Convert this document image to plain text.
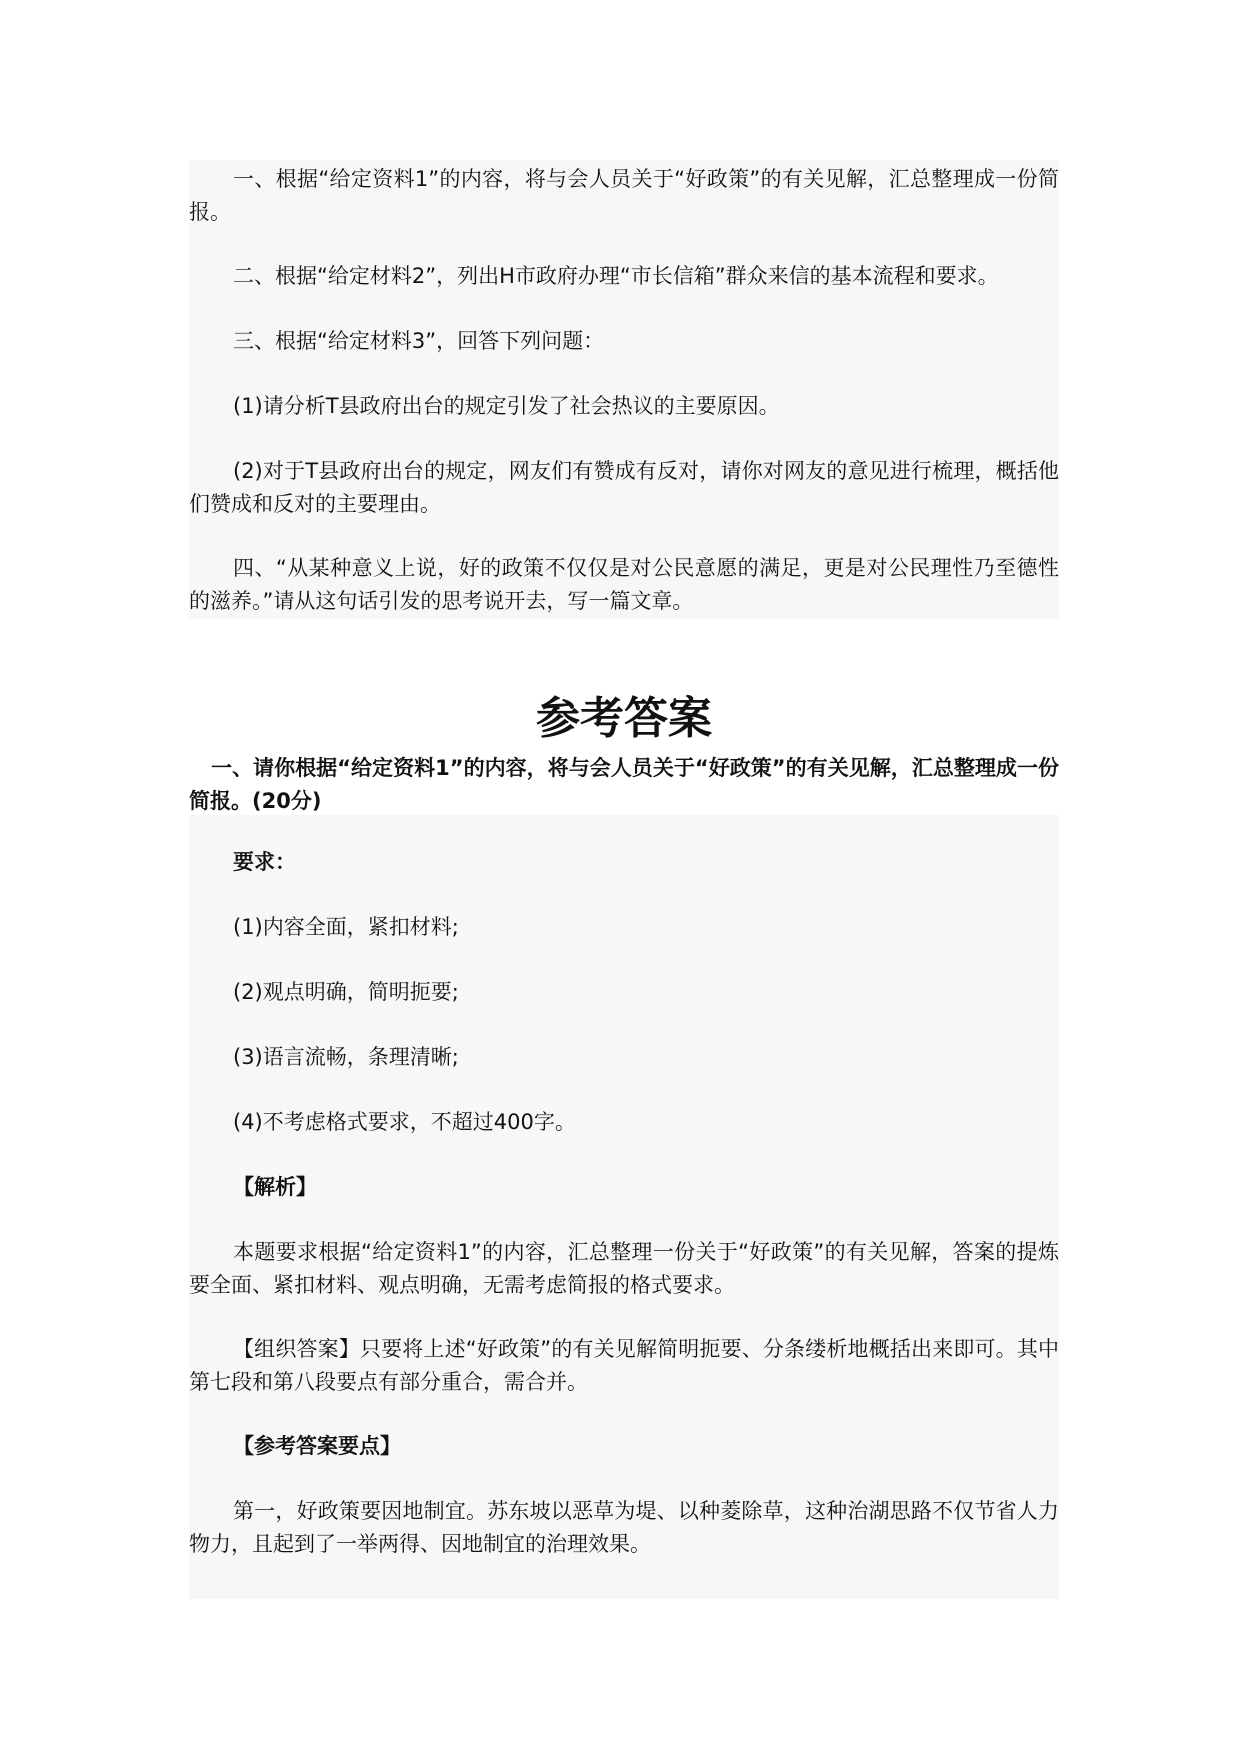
一、根据“给定资料1”的内容，将与会人员关于“好政策”的有关见解，汇总整理成一份简报。

二、根据“给定材料2”，列出H市政府办理“市长信箱”群众来信的基本流程和要求。

三、根据“给定材料3”，回答下列问题：

(1)请分析T县政府出台的规定引发了社会热议的主要原因。

(2)对于T县政府出台的规定，网友们有赞成有反对，请你对网友的意见进行梳理，概括他们赞成和反对的主要理由。

四、“从某种意义上说，好的政策不仅仅是对公民意愿的满足，更是对公民理性乃至德性的滋养。”请从这句话引发的思考说开去，写一篇文章。

参考答案

一、请你根据“给定资料1”的内容，将与会人员关于“好政策”的有关见解，汇总整理成一份简报。(20分)

要求：

(1)内容全面，紧扣材料;

(2)观点明确，简明扼要;

(3)语言流畅，条理清晰;

(4)不考虑格式要求，不超过400字。

【解析】

本题要求根据“给定资料1”的内容，汇总整理一份关于“好政策”的有关见解，答案的提炼要全面、紧扣材料、观点明确，无需考虑简报的格式要求。

【组织答案】只要将上述“好政策”的有关见解简明扼要、分条缕析地概括出来即可。其中第七段和第八段要点有部分重合，需合并。

【参考答案要点】

第一，好政策要因地制宜。苏东坡以恶草为堤、以种菱除草，这种治湖思路不仅节省人力物力，且起到了一举两得、因地制宜的治理效果。
